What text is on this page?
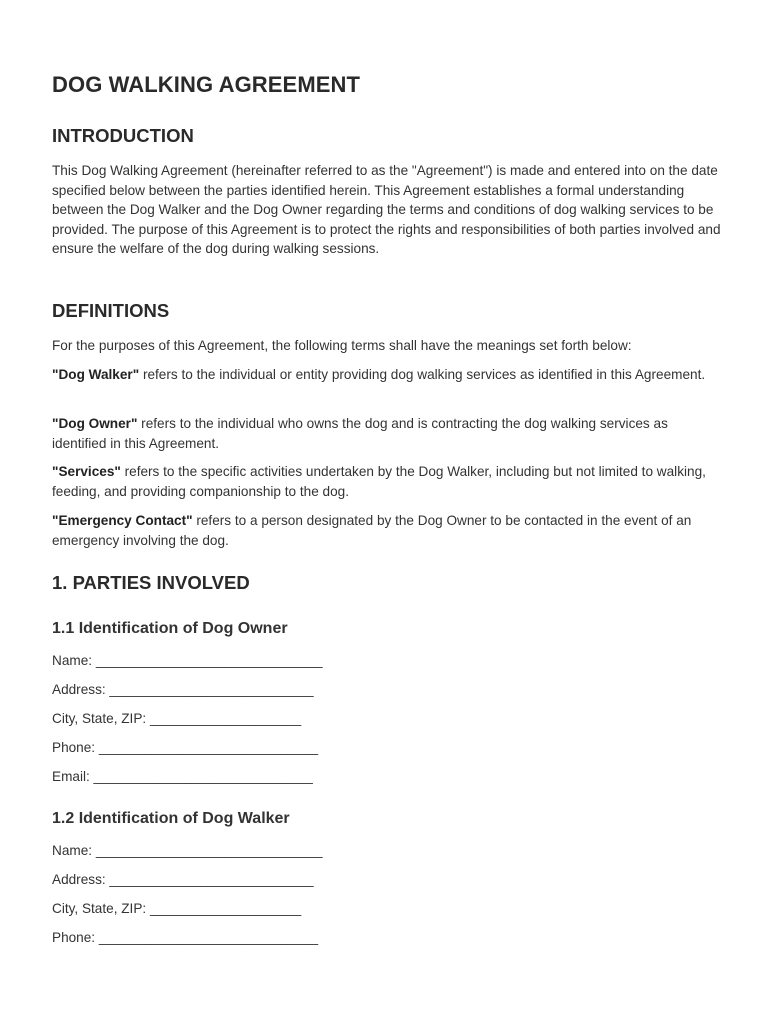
DOG WALKING AGREEMENT
INTRODUCTION

This Dog Walking Agreement (hereinafter referred to as the "Agreement") is made and entered into on the date specified below between the parties identified herein. This Agreement establishes a formal understanding between the Dog Walker and the Dog Owner regarding the terms and conditions of dog walking services to be provided. The purpose of this Agreement is to protect the rights and responsibilities of both parties involved and ensure the welfare of the dog during walking sessions.

DEFINITIONS

For the purposes of this Agreement, the following terms shall have the meanings set forth below:

"Dog Walker" refers to the individual or entity providing dog walking services as identified in this Agreement.

"Dog Owner" refers to the individual who owns the dog and is contracting the dog walking services as identified in this Agreement.

"Services" refers to the specific activities undertaken by the Dog Walker, including but not limited to walking, feeding, and providing companionship to the dog.

"Emergency Contact" refers to a person designated by the Dog Owner to be contacted in the event of an emergency involving the dog.

1. PARTIES INVOLVED
1.1 Identification of Dog Owner
Name: ______________________________
Address: ___________________________
City, State, ZIP: ____________________
Phone: _____________________________
Email: _____________________________
1.2 Identification of Dog Walker
Name: ______________________________
Address: ___________________________
City, State, ZIP: ____________________
Phone: _____________________________
